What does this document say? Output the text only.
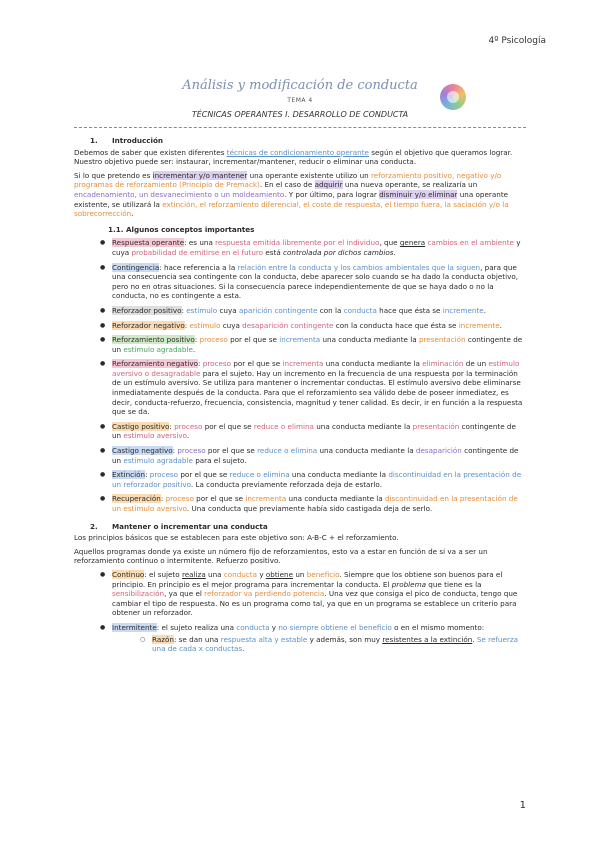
4º Psicología
Análisis y modificación de conducta
TEMA 4
TÉCNICAS OPERANTES I. DESARROLLO DE CONDUCTA
1. Introducción

Debemos de saber que existen diferentes técnicas de condicionamiento operante según el objetivo que queramos lograr. Nuestro objetivo puede ser: instaurar, incrementar/mantener, reducir o eliminar una conducta.

Si lo que pretendo es incrementar y/o mantener una operante existente utilizo un reforzamiento positivo, negativo y/o programas de reforzamiento (Principio de Premack). En el caso de adquirir una nueva operante, se realizaría un encadenamiento, un desvanecimiento o un moldeamiento. Y por último, para lograr disminuir y/o eliminar una operante existente, se utilizará la extinción, el reforzamiento diferencial, el coste de respuesta, el tiempo fuera, la saciación y/o la sobrecorrección.

1.1. Algunos conceptos importantes
● Respuesta operante: es una respuesta emitida libremente por el individuo, que genera cambios en el ambiente y cuya probabilidad de emitirse en el futuro está controlada por dichos cambios.
● Contingencia: hace referencia a la relación entre la conducta y los cambios ambientales que la siguen, para que una consecuencia sea contingente con la conducta, debe aparecer solo cuando se ha dado la conducta objetivo, pero no en otras situaciones. Si la consecuencia parece independientemente de que se haya dado o no la conducta, no es contingente a esta.
● Reforzador positivo: estímulo cuya aparición contingente con la conducta hace que ésta se incremente.
● Reforzador negativo: estímulo cuya desaparición contingente con la conducta hace que ésta se incremente.
● Reforzamiento positivo: proceso por el que se incrementa una conducta mediante la presentación contingente de un estímulo agradable.
● Reforzamiento negativo: proceso por el que se incrementa una conducta mediante la eliminación de un estímulo aversivo o desagradable para el sujeto. Hay un incremento en la frecuencia de una respuesta por la terminación de un estímulo aversivo. Se utiliza para mantener o incrementar conductas. El estímulo aversivo debe eliminarse inmediatamente después de la conducta. Para que el reforzamiento sea válido debe de poseer inmediatez, es decir, conducta-refuerzo, frecuencia, consistencia, magnitud y tener calidad. Es decir, ir en función a la respuesta que se da.
● Castigo positivo: proceso por el que se reduce o elimina una conducta mediante la presentación contingente de un estímulo aversivo.
● Castigo negativo: proceso por el que se reduce o elimina una conducta mediante la desaparición contingente de un estímulo agradable para el sujeto.
● Extinción: proceso por el que se reduce o elimina una conducta mediante la discontinuidad en la presentación de un reforzador positivo. La conducta previamente reforzada deja de estarlo.
● Recuperación: proceso por el que se incrementa una conducta mediante la discontinuidad en la presentación de un estímulo aversivo. Una conducta que previamente había sido castigada deja de serlo.
2. Mantener o incrementar una conducta

Los principios básicos que se establecen para este objetivo son: A-B-C + el reforzamiento.

Aquellos programas donde ya existe un número fijo de reforzamientos, esto va a estar en función de si va a ser un reforzamiento continuo o intermitente. Refuerzo positivo.

● Continuo: el sujeto realiza una conducta y obtiene un beneficio. Siempre que los obtiene son buenos para el principio. En principio es el mejor programa para incrementar la conducta. El problema que tiene es la sensibilización, ya que el reforzador va perdiendo potencia. Una vez que consiga el pico de conducta, tengo que cambiar el tipo de respuesta. No es un programa como tal, ya que en un programa se establece un criterio para obtener un reforzador.
● Intermitente: el sujeto realiza una conducta y no siempre obtiene el beneficio o en el mismo momento:
○ Razón: se dan una respuesta alta y estable y además, son muy resistentes a la extinción. Se refuerza una de cada x conductas.
1
